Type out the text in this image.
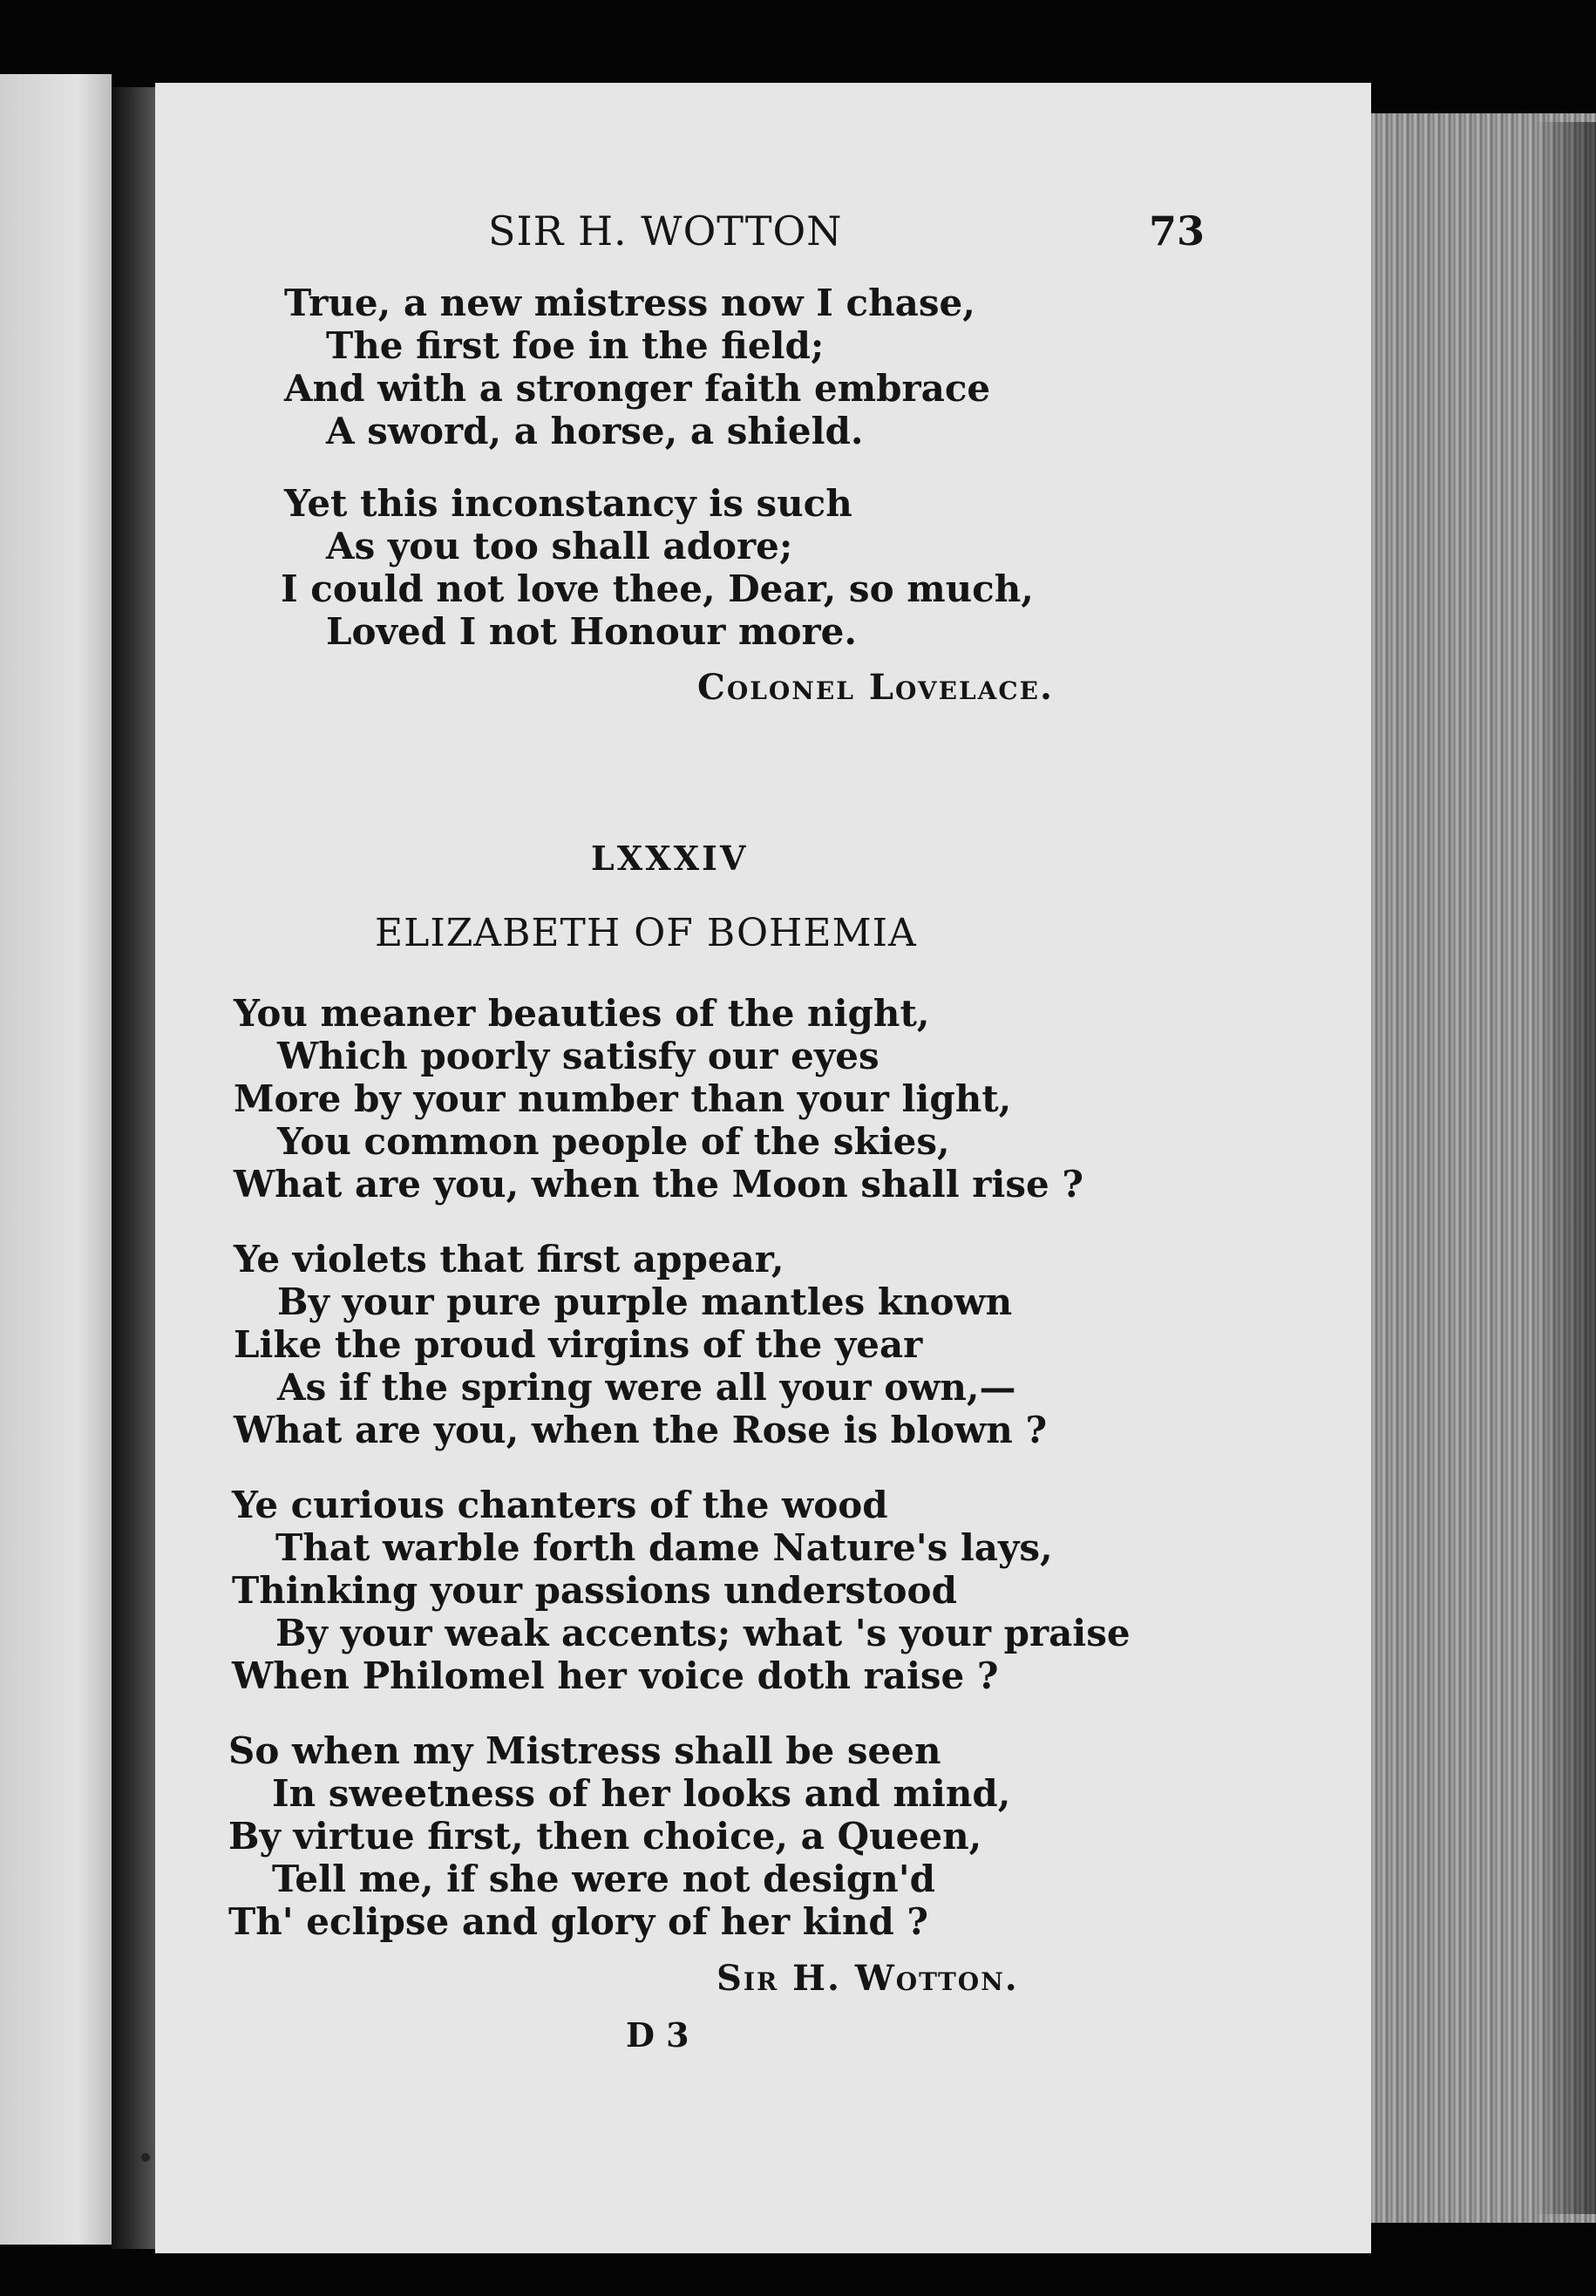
SIR H. WOTTON	73
True, a new mistress now I chase,
The first foe in the field;
And with a stronger faith embrace
A sword, a horse, a shield.
Yet this inconstancy is such
As you too shall adore;
I could not love thee, Dear, so much,
Loved I not Honour more.
Colonel Lovelace.
LXXXIV
ELIZABETH OF BOHEMIA
You meaner beauties of the night,
Which poorly satisfy our eyes
More by your number than your light,
You common people of the skies,
What are you, when the Moon shall rise ?
Ye violets that first appear,
By your pure purple mantles known
Like the proud virgins of the year
As if the spring were all your own,—
What are you, when the Rose is blown ?
Ye curious chanters of the wood
That warble forth dame Nature's lays,
Thinking your passions understood
By your weak accents; what 's your praise
When Philomel her voice doth raise ?
So when my Mistress shall be seen
In sweetness of her looks and mind,
By virtue first, then choice, a Queen,
Tell me, if she were not design'd
Th' eclipse and glory of her kind ?
Sir H. Wotton.
D 3
